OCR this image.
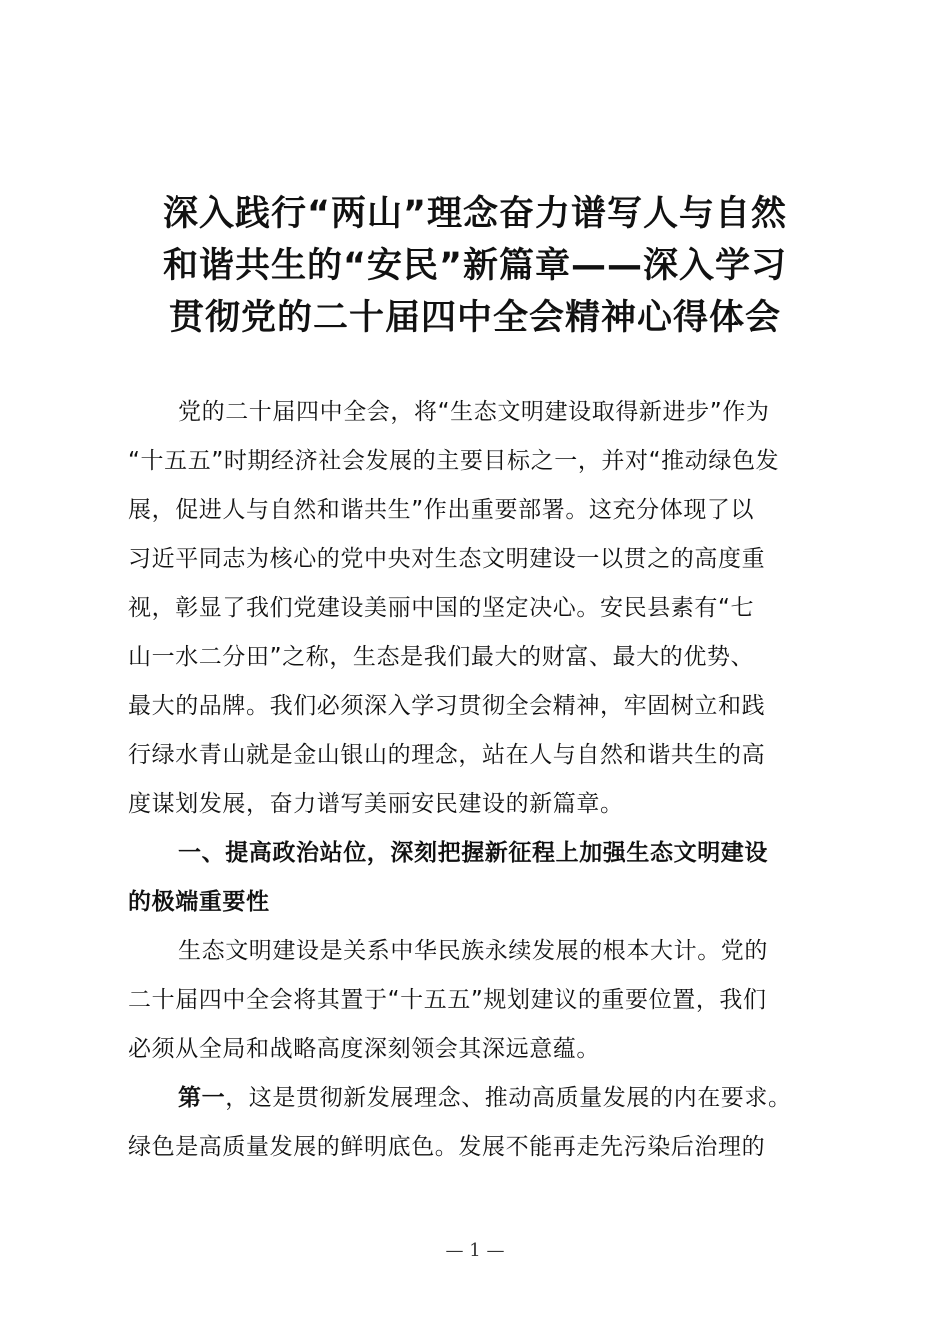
深入践行“两山”理念奋力谱写人与自然
和谐共生的“安民”新篇章——深入学习
贯彻党的二十届四中全会精神心得体会
党的二十届四中全会，将“生态文明建设取得新进步”作为
“十五五”时期经济社会发展的主要目标之一，并对“推动绿色发
展，促进人与自然和谐共生”作出重要部署。这充分体现了以
习近平同志为核心的党中央对生态文明建设一以贯之的高度重
视，彰显了我们党建设美丽中国的坚定决心。安民县素有“七
山一水二分田”之称，生态是我们最大的财富、最大的优势、
最大的品牌。我们必须深入学习贯彻全会精神，牢固树立和践
行绿水青山就是金山银山的理念，站在人与自然和谐共生的高
度谋划发展，奋力谱写美丽安民建设的新篇章。
一、提高政治站位，深刻把握新征程上加强生态文明建设
的极端重要性
生态文明建设是关系中华民族永续发展的根本大计。党的
二十届四中全会将其置于“十五五”规划建议的重要位置，我们
必须从全局和战略高度深刻领会其深远意蕴。
第一，这是贯彻新发展理念、推动高质量发展的内在要求。
绿色是高质量发展的鲜明底色。发展不能再走先污染后治理的
— 1 —
